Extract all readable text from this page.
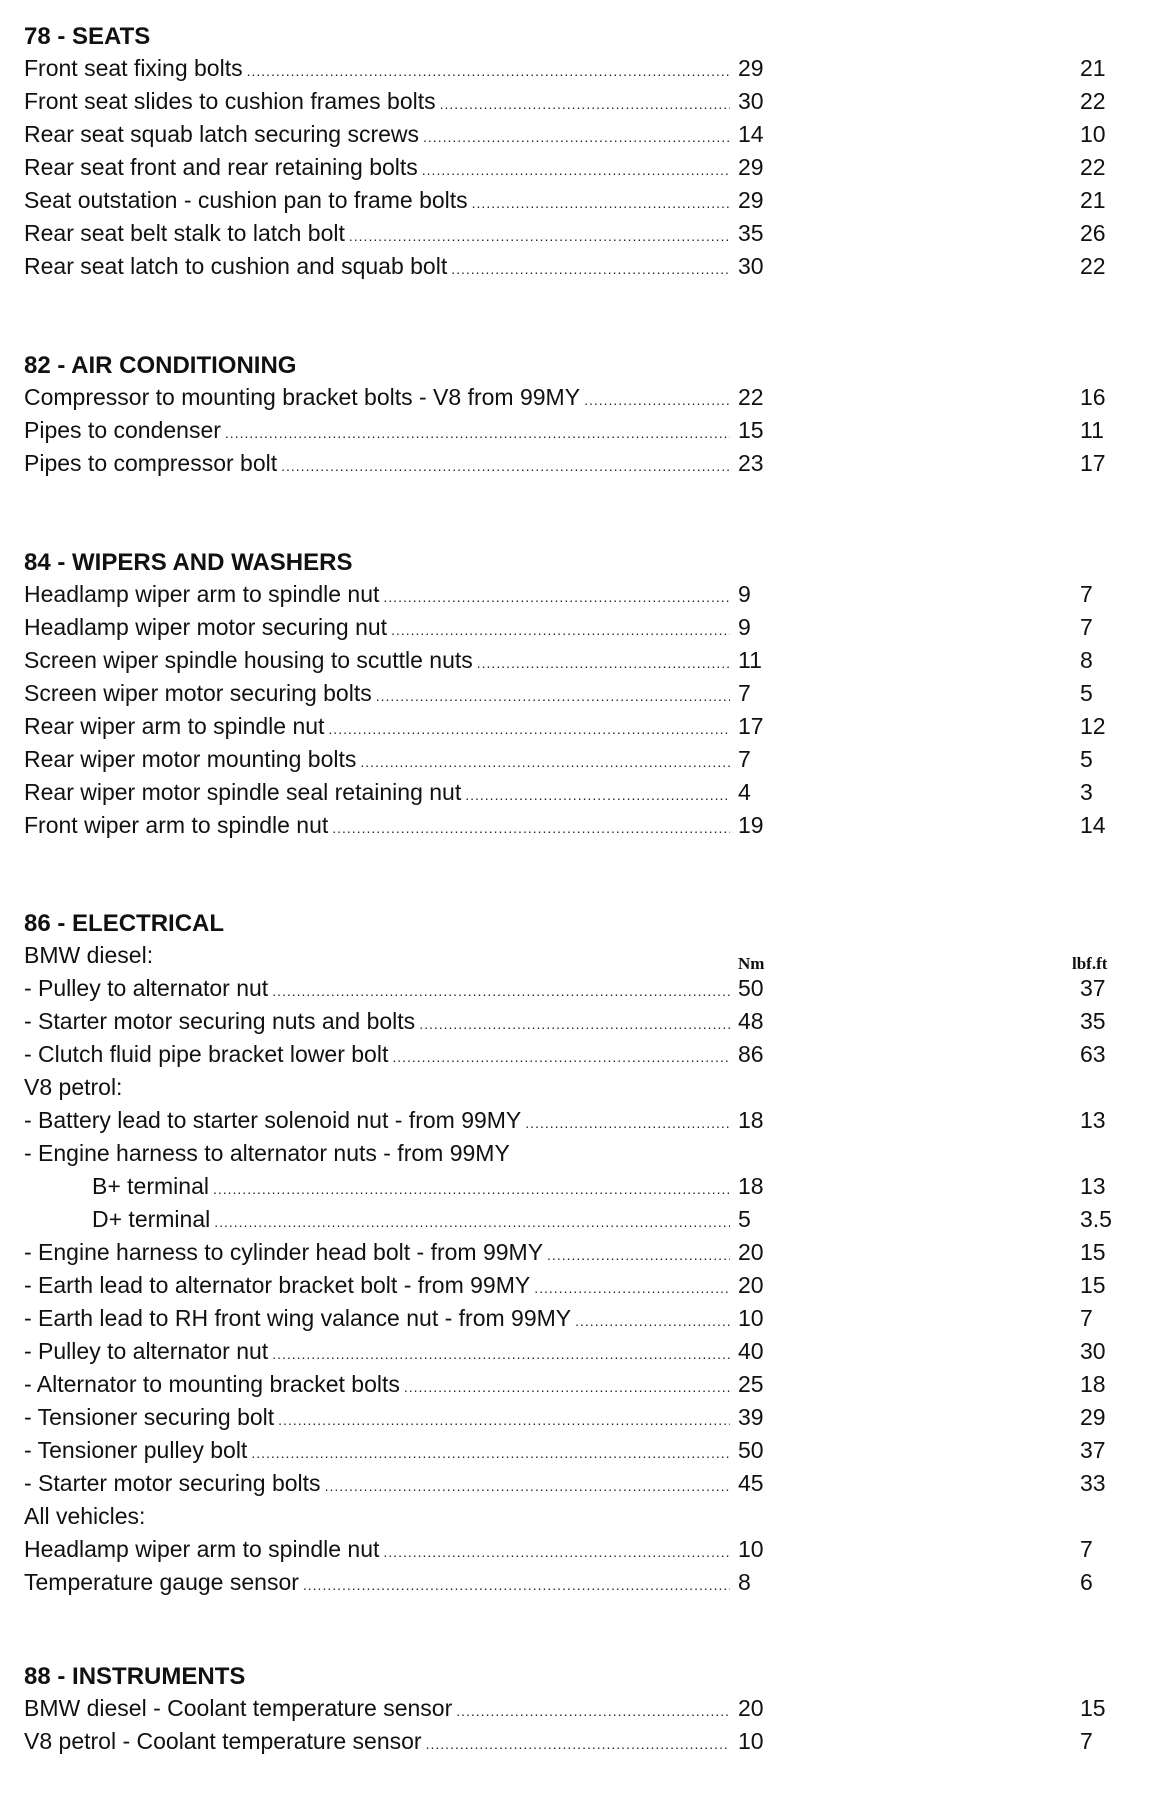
78 - SEATS
Front seat fixing bolts .....	29	21
Front seat slides to cushion frames bolts .....	30	22
Rear seat squab latch securing screws .....	14	10
Rear seat front and rear retaining bolts .....	29	22
Seat outstation - cushion pan to frame bolts .....	29	21
Rear seat belt stalk to latch bolt .....	35	26
Rear seat latch to cushion and squab bolt .....	30	22
82 - AIR CONDITIONING
Compressor to mounting bracket bolts - V8 from 99MY .....	22	16
Pipes to condenser .....	15	11
Pipes to compressor bolt .....	23	17
84 - WIPERS AND WASHERS
Headlamp wiper arm to spindle nut .....	9	7
Headlamp wiper motor securing nut .....	9	7
Screen wiper spindle housing to scuttle nuts .....	11	8
Screen wiper motor securing bolts .....	7	5
Rear wiper arm to spindle nut .....	17	12
Rear wiper motor mounting bolts .....	7	5
Rear wiper motor spindle seal retaining nut .....	4	3
Front wiper arm to spindle nut .....	19	14
86 - ELECTRICAL
BMW diesel:	Nm	lbf.ft
- Pulley to alternator nut .....	50	37
- Starter motor securing nuts and bolts .....	48	35
- Clutch fluid pipe bracket lower bolt .....	86	63
V8 petrol:
- Battery lead to starter solenoid nut - from 99MY .....	18	13
- Engine harness to alternator nuts - from 99MY
B+ terminal .....	18	13
D+ terminal .....	5	3.5
- Engine harness to cylinder head bolt - from 99MY .....	20	15
- Earth lead to alternator bracket bolt - from 99MY .....	20	15
- Earth lead to RH front wing valance nut - from 99MY .....	10	7
- Pulley to alternator nut .....	40	30
- Alternator to mounting bracket bolts .....	25	18
- Tensioner securing bolt .....	39	29
- Tensioner pulley bolt .....	50	37
- Starter motor securing bolts .....	45	33
All vehicles:
Headlamp wiper arm to spindle nut .....	10	7
Temperature gauge sensor .....	8	6
88 - INSTRUMENTS
BMW diesel - Coolant temperature sensor .....	20	15
V8 petrol - Coolant temperature sensor .....	10	7
